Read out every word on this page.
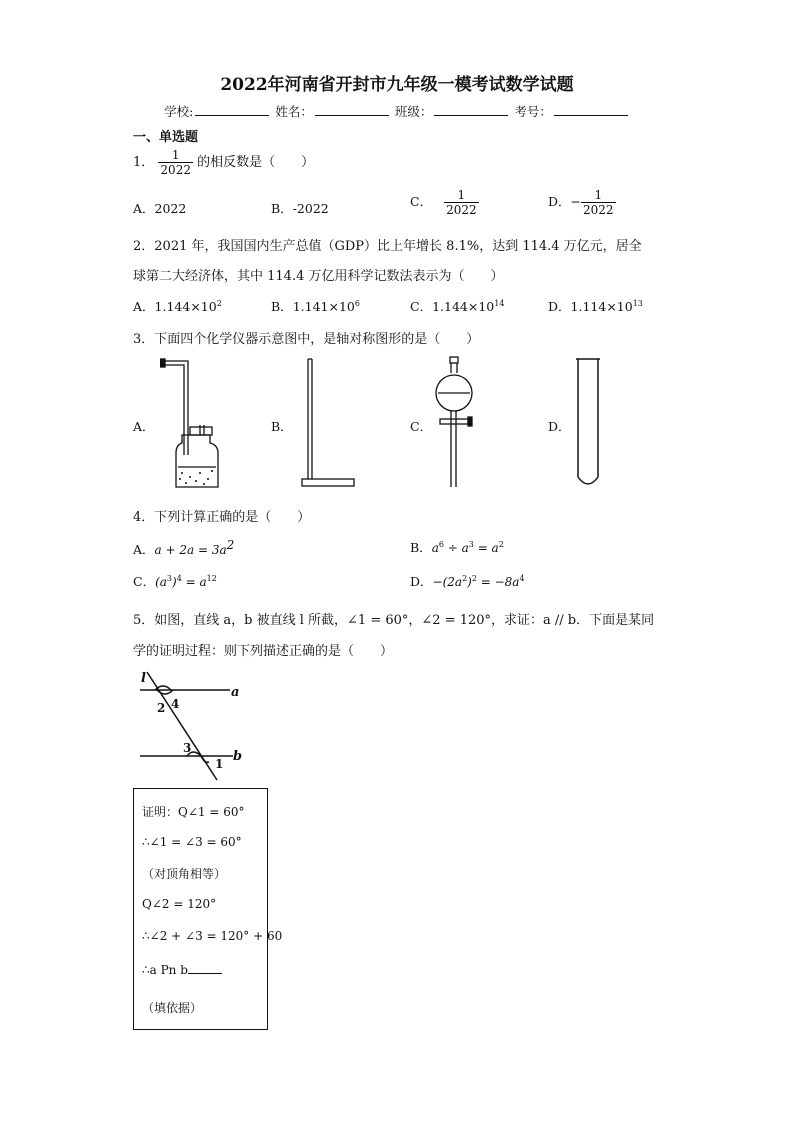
2022年河南省开封市九年级一模考试数学试题
学校:	姓名：	班级：	考号：
一、单选题
1． $\frac{1}{2022}$ 的相反数是（　　）
A．2022	B．-2022	C． $\frac{1}{2022}$	D．− $\frac{1}{2022}$
2．2021 年，我国国内生产总值（GDP）比上年增长 8.1%，达到 114.4 万亿元，居全
球第二大经济体，其中 114.4 万亿用科学记数法表示为（　　）
A．$1.144\times 10^2$	B．$1.141\times 10^6$	C．$1.144\times 10^{14}$	D．$1.114\times 10^{13}$
3．下面四个化学仪器示意图中，是轴对称图形的是（　　）
A．	B．	C．	D．
4．下列计算正确的是（　　）
A．$a + 2a = 3a^2$	B．$a^6 \div a^3 = a^2$
C．$(a^3)^4 = a^{12}$	D．$-(2a^2)^2 = -8a^4$
5．如图，直线 a，b 被直线 l 所截，∠1 = 60°，∠2 = 120°，求证：a // b．下面是某同
学的证明过程：则下列描述正确的是（　　）
l
a
b
1
2
3
4
证明：Q∠1 = 60°
∴∠1 = ∠3 = 60°
（对顶角相等）
Q∠2 = 120°
∴∠2 + ∠3 = 120° + 60
∴a Pn b
（填依据）
